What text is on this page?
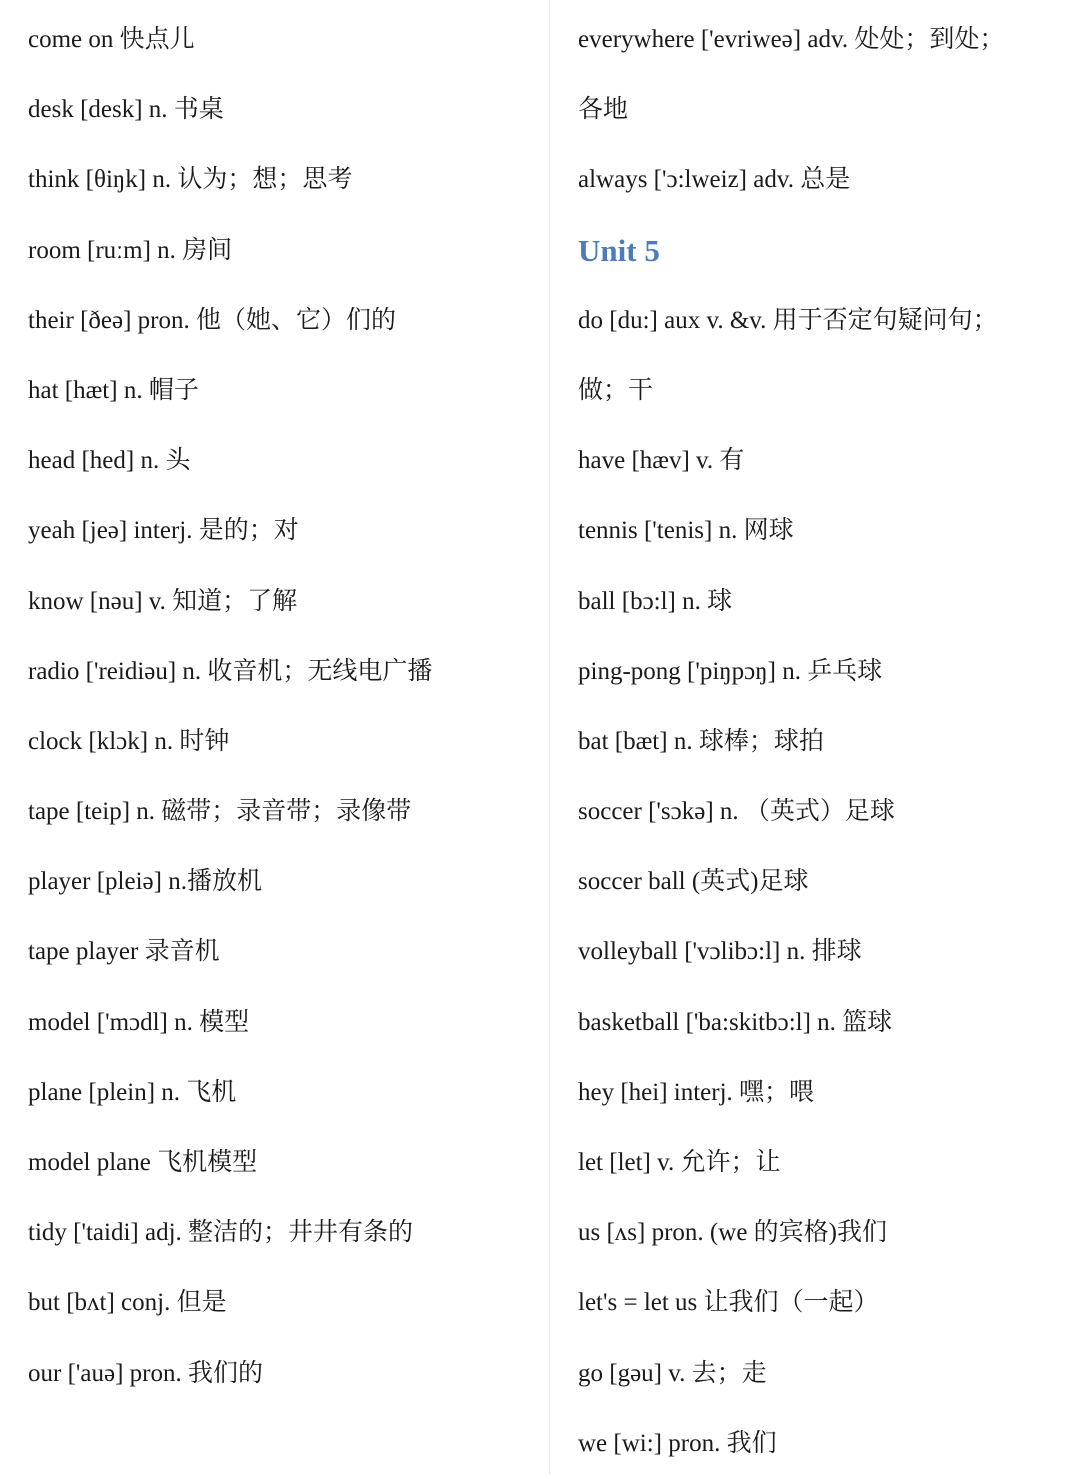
come on 快点儿
desk [desk] n. 书桌
think [θiŋk] n. 认为；想；思考
room [ruːm] n. 房间
their [ðeə] pron. 他（她、它）们的
hat [hæt] n. 帽子
head [hed] n. 头
yeah [jeə] interj. 是的；对
know [nəu] v. 知道；了解
radio ['reidiəu] n. 收音机；无线电广播
clock [klɔk] n. 时钟
tape [teip] n. 磁带；录音带；录像带
player [pleiə] n.播放机
tape player 录音机
model ['mɔdl] n. 模型
plane [plein] n. 飞机
model plane 飞机模型
tidy ['taidi] adj. 整洁的；井井有条的
but [bʌt] conj. 但是
our ['auə] pron. 我们的
everywhere ['evriweə] adv. 处处；到处；
各地
always ['ɔ:lweiz] adv. 总是
Unit 5
do [du:] aux v. &v. 用于否定句疑问句；
做；干
have [hæv] v. 有
tennis ['tenis] n. 网球
ball [bɔ:l] n. 球
ping-pong ['piŋpɔŋ] n. 乒乓球
bat [bæt] n. 球棒；球拍
soccer ['sɔkə] n. （英式）足球
soccer ball (英式)足球
volleyball ['vɔlibɔ:l] n. 排球
basketball ['ba:skitbɔ:l] n. 篮球
hey [hei] interj. 嘿；喂
let [let] v. 允许；让
us [ʌs] pron. (we 的宾格)我们
let's = let us 让我们（一起）
go [gəu] v. 去；走
we [wi:] pron. 我们
